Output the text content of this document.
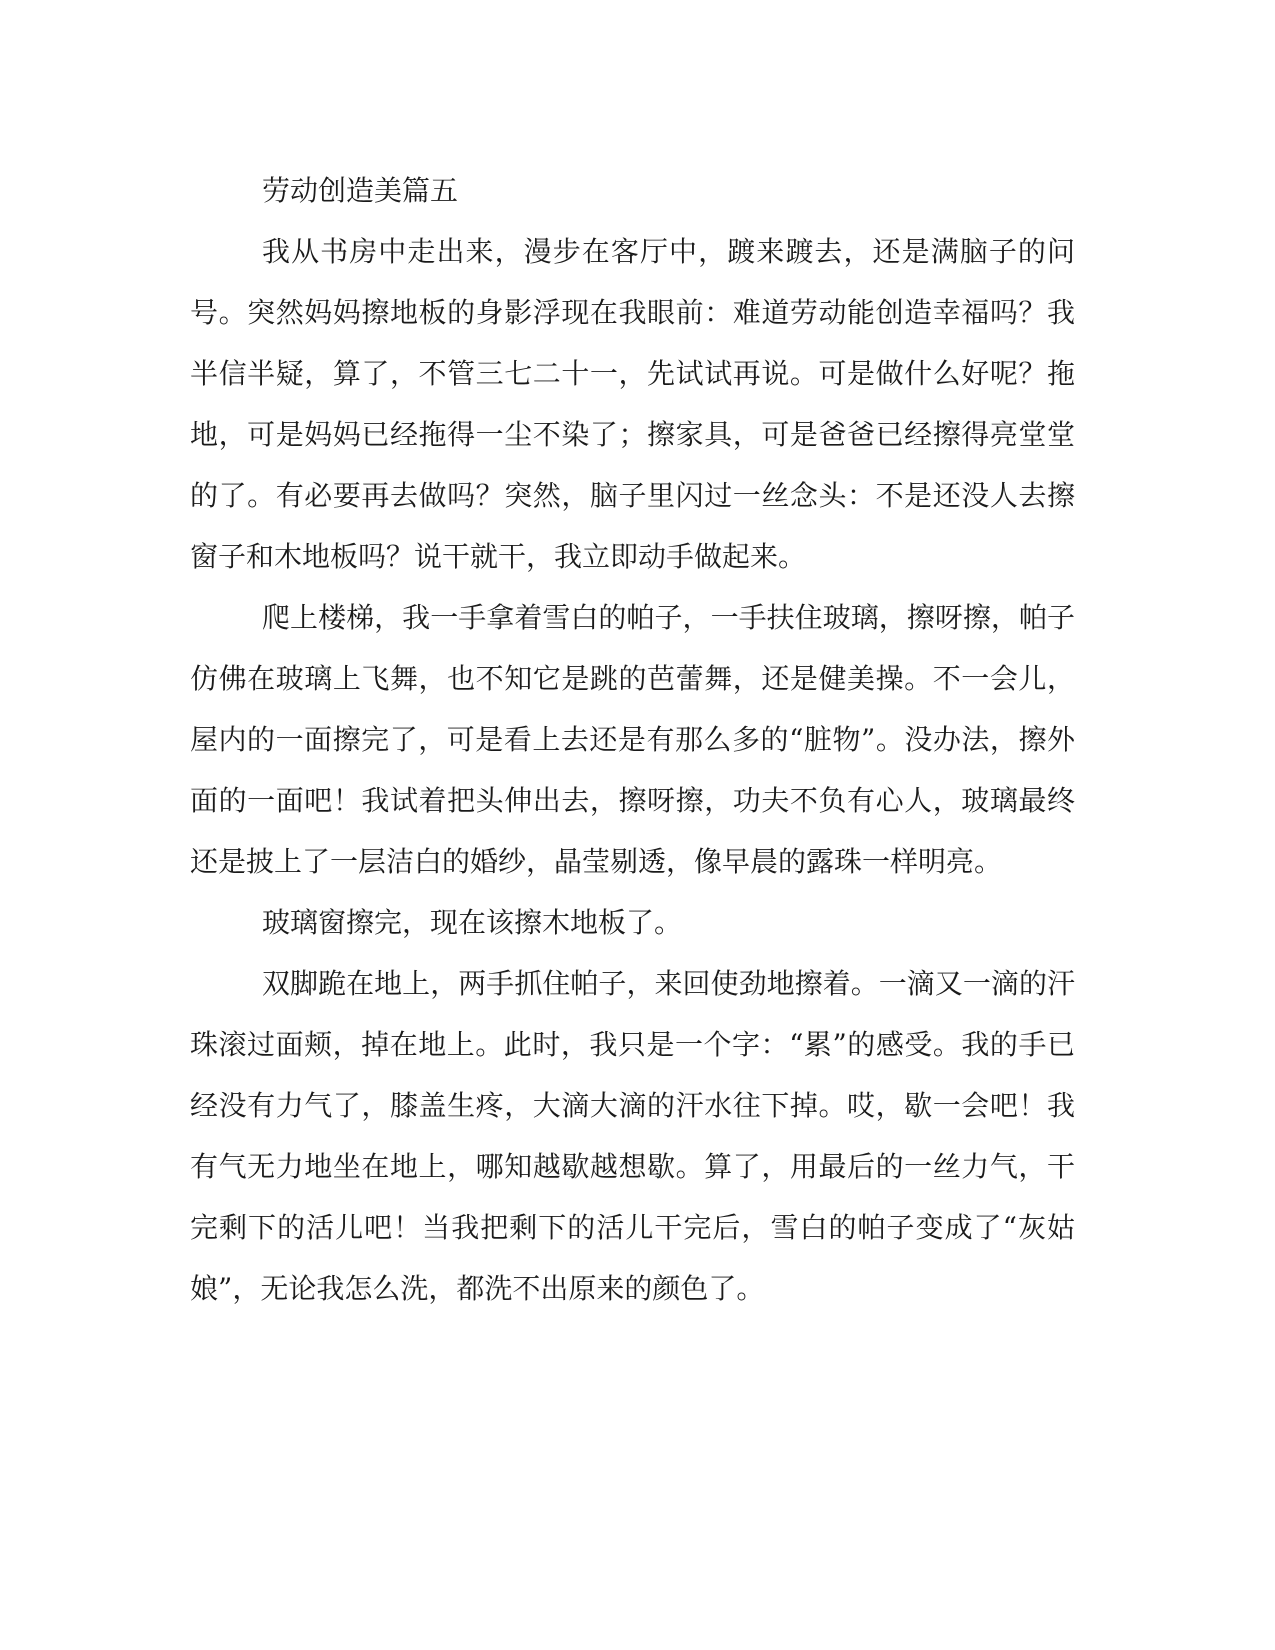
劳动创造美篇五

我从书房中走出来，漫步在客厅中，踱来踱去，还是满脑子的问号。突然妈妈擦地板的身影浮现在我眼前：难道劳动能创造幸福吗？我半信半疑，算了，不管三七二十一，先试试再说。可是做什么好呢？拖地，可是妈妈已经拖得一尘不染了；擦家具，可是爸爸已经擦得亮堂堂的了。有必要再去做吗？突然，脑子里闪过一丝念头：不是还没人去擦窗子和木地板吗？说干就干，我立即动手做起来。

爬上楼梯，我一手拿着雪白的帕子，一手扶住玻璃，擦呀擦，帕子仿佛在玻璃上飞舞，也不知它是跳的芭蕾舞，还是健美操。不一会儿，屋内的一面擦完了，可是看上去还是有那么多的“脏物”。没办法，擦外面的一面吧！我试着把头伸出去，擦呀擦，功夫不负有心人，玻璃最终还是披上了一层洁白的婚纱，晶莹剔透，像早晨的露珠一样明亮。

玻璃窗擦完，现在该擦木地板了。

双脚跪在地上，两手抓住帕子，来回使劲地擦着。一滴又一滴的汗珠滚过面颊，掉在地上。此时，我只是一个字：“累”的感受。我的手已经没有力气了，膝盖生疼，大滴大滴的汗水往下掉。哎，歇一会吧！我有气无力地坐在地上，哪知越歇越想歇。算了，用最后的一丝力气，干完剩下的活儿吧！当我把剩下的活儿干完后，雪白的帕子变成了“灰姑娘”，无论我怎么洗，都洗不出原来的颜色了。
